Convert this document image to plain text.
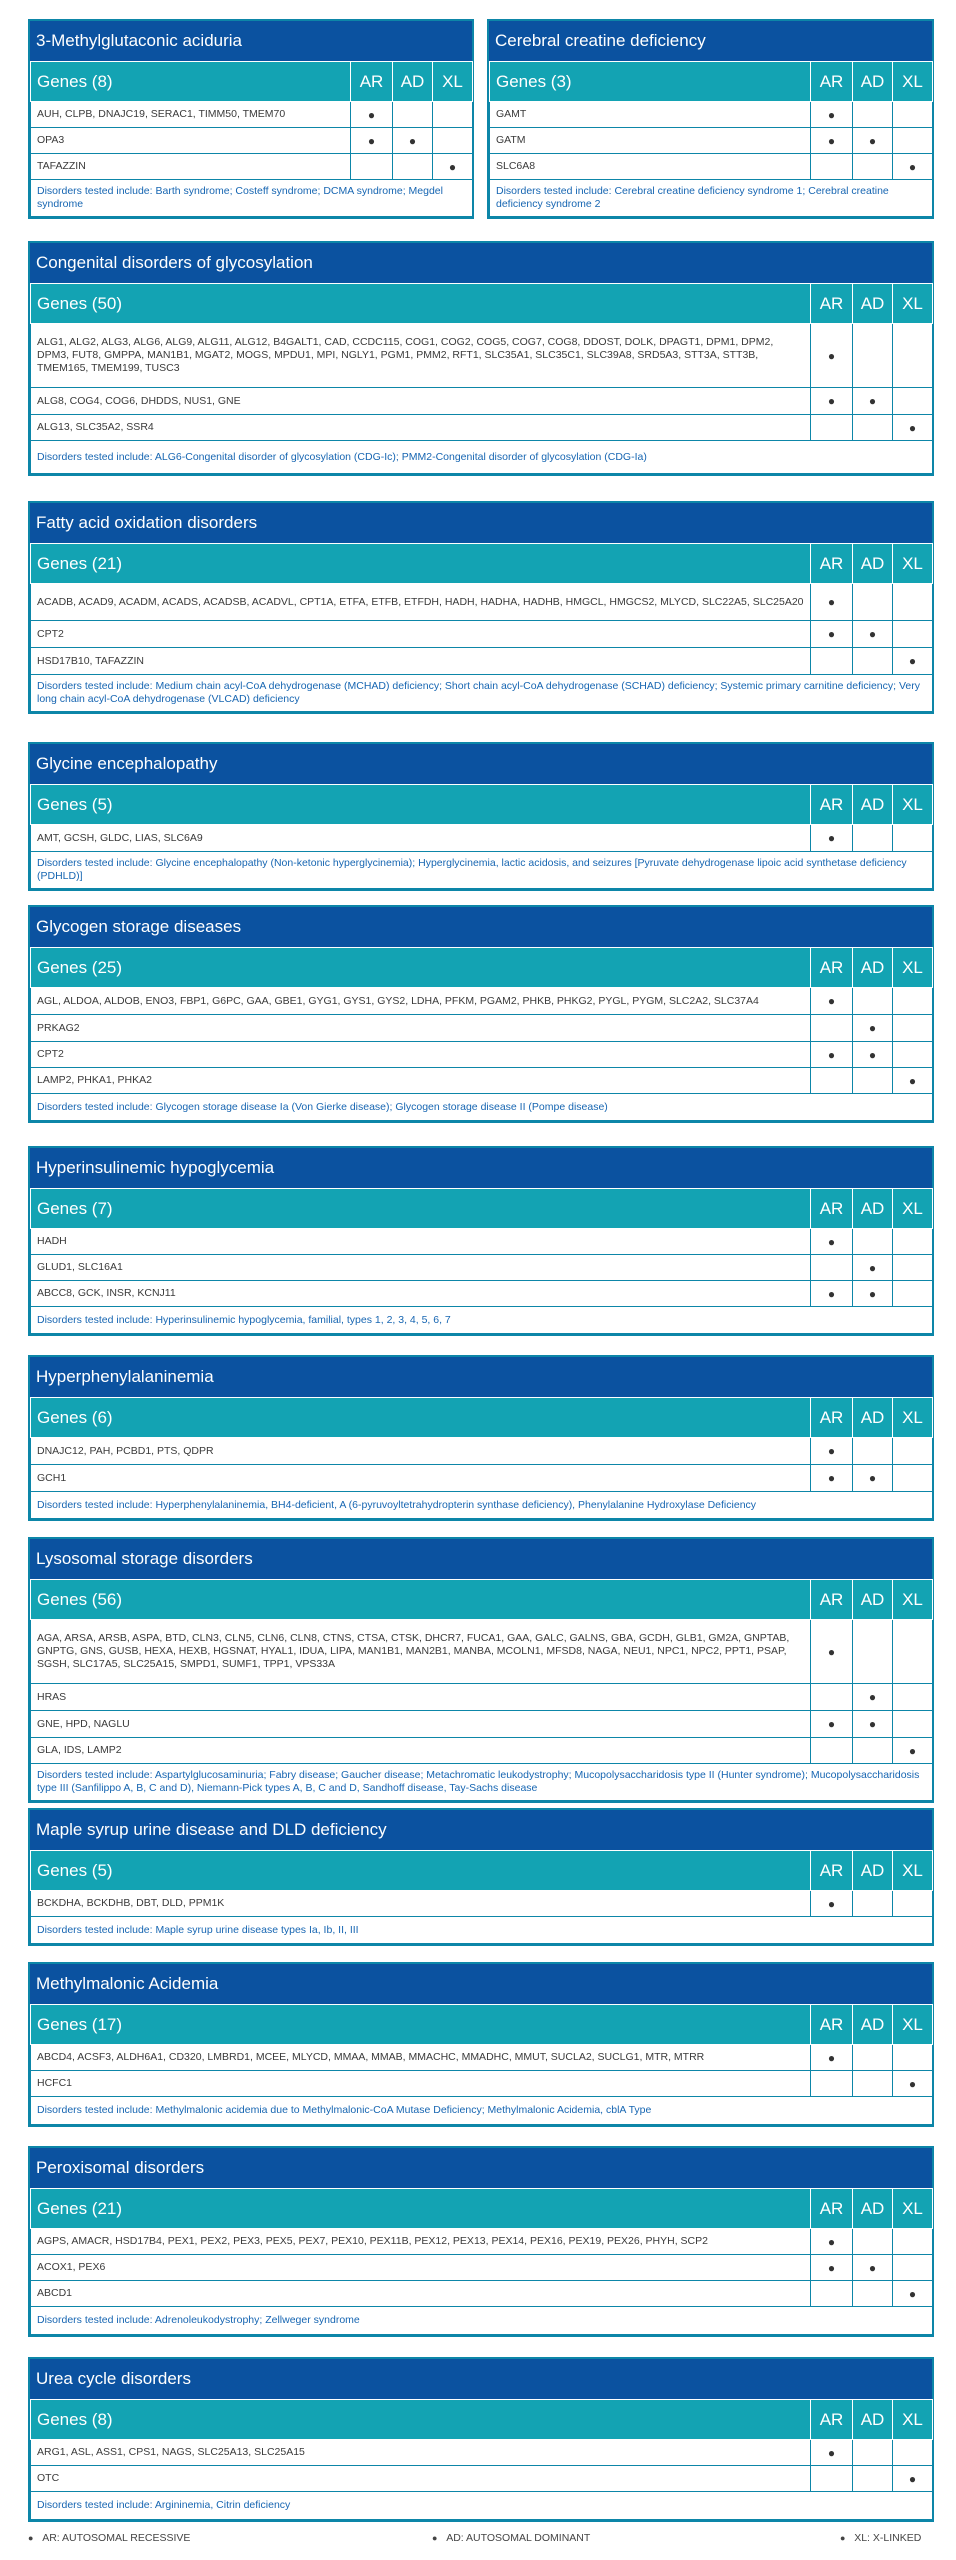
3-Methylglutaconic aciduria
Genes (8)	AR	AD	XL
AUH, CLPB, DNAJC19, SERAC1, TIMM50, TMEM70	●		
OPA3	●	●	
TAFAZZIN			●
Disorders tested include: Barth syndrome; Costeff syndrome; DCMA syndrome; Megdel syndrome			
Cerebral creatine deficiency
Genes (3)	AR	AD	XL
GAMT	●		
GATM	●	●	
SLC6A8			●
Disorders tested include: Cerebral creatine deficiency syndrome 1; Cerebral creatine deficiency syndrome 2			
Congenital disorders of glycosylation
Genes (50)	AR	AD	XL
ALG1, ALG2, ALG3, ALG6, ALG9, ALG11, ALG12, B4GALT1, CAD, CCDC115, COG1, COG2, COG5, COG7, COG8, DDOST, DOLK, DPAGT1, DPM1, DPM2, DPM3, FUT8, GMPPA, MAN1B1, MGAT2, MOGS, MPDU1, MPI, NGLY1, PGM1, PMM2, RFT1, SLC35A1, SLC35C1, SLC39A8, SRD5A3, STT3A, STT3B, TMEM165, TMEM199, TUSC3	●		
ALG8, COG4, COG6, DHDDS, NUS1, GNE	●	●	
ALG13, SLC35A2, SSR4			●
Disorders tested include: ALG6-Congenital disorder of glycosylation (CDG-Ic); PMM2-Congenital disorder of glycosylation (CDG-Ia)			
Fatty acid oxidation disorders
Genes (21)	AR	AD	XL
ACADB, ACAD9, ACADM, ACADS, ACADSB, ACADVL, CPT1A, ETFA, ETFB, ETFDH, HADH, HADHA, HADHB, HMGCL, HMGCS2, MLYCD, SLC22A5, SLC25A20	●		
CPT2	●	●	
HSD17B10, TAFAZZIN			●
Disorders tested include: Medium chain acyl-CoA dehydrogenase (MCHAD) deficiency; Short chain acyl-CoA dehydrogenase (SCHAD) deficiency; Systemic primary carnitine deficiency; Very long chain acyl-CoA dehydrogenase (VLCAD) deficiency			
Glycine encephalopathy
Genes (5)	AR	AD	XL
AMT, GCSH, GLDC, LIAS, SLC6A9	●		
Disorders tested include: Glycine encephalopathy (Non-ketonic hyperglycinemia); Hyperglycinemia, lactic acidosis, and seizures [Pyruvate dehydrogenase lipoic acid synthetase deficiency (PDHLD)]			
Glycogen storage diseases
Genes (25)	AR	AD	XL
AGL, ALDOA, ALDOB, ENO3, FBP1, G6PC, GAA, GBE1, GYG1, GYS1, GYS2, LDHA, PFKM, PGAM2, PHKB, PHKG2, PYGL, PYGM, SLC2A2, SLC37A4	●		
PRKAG2		●	
CPT2	●	●	
LAMP2, PHKA1, PHKA2			●
Disorders tested include: Glycogen storage disease Ia (Von Gierke disease); Glycogen storage disease II (Pompe disease)			
Hyperinsulinemic hypoglycemia
Genes (7)	AR	AD	XL
HADH	●		
GLUD1, SLC16A1		●	
ABCC8, GCK, INSR, KCNJ11	●	●	
Disorders tested include: Hyperinsulinemic hypoglycemia, familial, types 1, 2, 3, 4, 5, 6, 7			
Hyperphenylalaninemia
Genes (6)	AR	AD	XL
DNAJC12, PAH, PCBD1, PTS, QDPR	●		
GCH1	●	●	
Disorders tested include: Hyperphenylalaninemia, BH4-deficient, A (6-pyruvoyltetrahydropterin synthase deficiency), Phenylalanine Hydroxylase Deficiency			
Lysosomal storage disorders
Genes (56)	AR	AD	XL
AGA, ARSA, ARSB, ASPA, BTD, CLN3, CLN5, CLN6, CLN8, CTNS, CTSA, CTSK, DHCR7, FUCA1, GAA, GALC, GALNS, GBA, GCDH, GLB1, GM2A, GNPTAB, GNPTG, GNS, GUSB, HEXA, HEXB, HGSNAT, HYAL1, IDUA, LIPA, MAN1B1, MAN2B1, MANBA, MCOLN1, MFSD8, NAGA, NEU1, NPC1, NPC2, PPT1, PSAP, SGSH, SLC17A5, SLC25A15, SMPD1, SUMF1, TPP1, VPS33A	●		
HRAS		●	
GNE, HPD, NAGLU	●	●	
GLA, IDS, LAMP2			●
Disorders tested include: Aspartylglucosaminuria; Fabry disease; Gaucher disease; Metachromatic leukodystrophy; Mucopolysaccharidosis type II (Hunter syndrome); Mucopolysaccharidosis type III (Sanfilippo A, B, C and D), Niemann-Pick types A, B, C and D, Sandhoff disease, Tay-Sachs disease			
Maple syrup urine disease and DLD deficiency
Genes (5)	AR	AD	XL
BCKDHA, BCKDHB, DBT, DLD, PPM1K	●		
Disorders tested include: Maple syrup urine disease types Ia, Ib, II, III			
Methylmalonic Acidemia
Genes (17)	AR	AD	XL
ABCD4, ACSF3, ALDH6A1, CD320, LMBRD1, MCEE, MLYCD, MMAA, MMAB, MMACHC, MMADHC, MMUT, SUCLA2, SUCLG1, MTR, MTRR	●		
HCFC1			●
Disorders tested include: Methylmalonic acidemia due to Methylmalonic-CoA Mutase Deficiency; Methylmalonic Acidemia, cblA Type			
Peroxisomal disorders
Genes (21)	AR	AD	XL
AGPS, AMACR, HSD17B4, PEX1, PEX2, PEX3, PEX5, PEX7, PEX10, PEX11B, PEX12, PEX13, PEX14, PEX16, PEX19, PEX26, PHYH, SCP2	●		
ACOX1, PEX6	●	●	
ABCD1			●
Disorders tested include: Adrenoleukodystrophy; Zellweger syndrome			
Urea cycle disorders
Genes (8)	AR	AD	XL
ARG1, ASL, ASS1, CPS1, NAGS, SLC25A13, SLC25A15	●		
OTC			●
Disorders tested include: Argininemia, Citrin deficiency			
● AR: AUTOSOMAL RECESSIVE	● AD: AUTOSOMAL DOMINANT	● XL: X-LINKED
